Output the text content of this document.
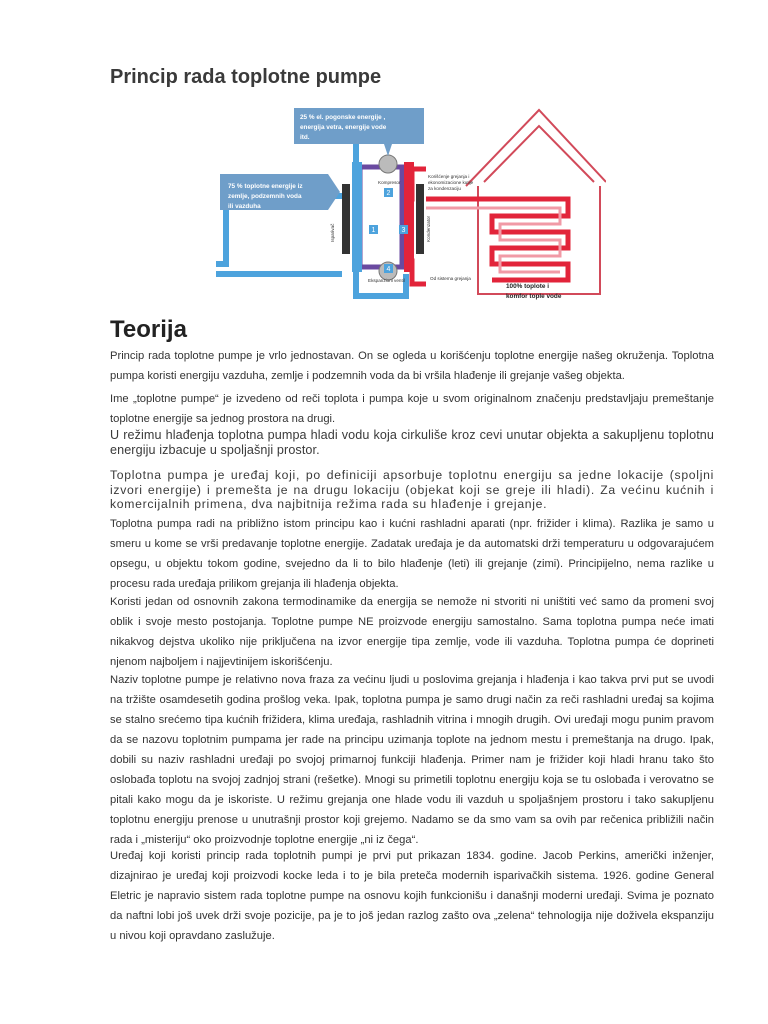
Princip rada toplotne pumpe
2
1	3
4
25 % el. pogonske energije ,
energija vetra, energije vode
itd.
75 % toplotne energije iz
zemlje, podzemnih voda
ili vazduha
Kompresor
Ekspanzioni ventil
Isparivač	Kondenzator
Korišćenje grejanja i
ekonomizacione kutije
za kondenzaciju
Od sistema grejanja
100% toplote i
komfor tople vode
Teorija

Princip rada toplotne pumpe je vrlo jednostavan. On se ogleda u korišćenju toplotne energije našeg okruženja. Toplotna pumpa koristi energiju vazduha, zemlje i podzemnih voda da bi vršila hlađenje ili grejanje vašeg objekta.

Ime „toplotne pumpe“ je izvedeno od reči toplota i pumpa koje u svom originalnom značenju predstavljaju premeštanje toplotne energije sa jednog prostora na drugi.

U režimu hlađenja toplotna pumpa hladi vodu koja cirkuliše kroz cevi unutar objekta a sakupljenu toplotnu energiju izbacuje u spoljašnji prostor.

Toplotna pumpa je uređaj koji, po definiciji apsorbuje toplotnu energiju sa jedne lokacije (spoljni izvori energije) i premešta je na drugu lokaciju (objekat koji se greje ili hladi). Za većinu kućnih i komercijalnih primena, dva najbitnija režima rada su hlađenje i grejanje.

Toplotna pumpa radi na približno istom principu kao i kućni rashladni aparati (npr. frižider i klima). Razlika je samo u smeru u kome se vrši predavanje toplotne energije. Zadatak uređaja je da automatski drži temperaturu u odgovarajućem opsegu, u objektu tokom godine, svejedno da li to bilo hlađenje (leti) ili grejanje (zimi). Principijelno, nema razlike u procesu rada uređaja prilikom grejanja ili hlađenja objekta.

Koristi jedan od osnovnih zakona termodinamike da energija se nemože ni stvoriti ni uništiti već samo da promeni svoj oblik i svoje mesto postojanja. Toplotne pumpe NE proizvode energiju samostalno. Sama toplotna pumpa neće imati nikakvog dejstva ukoliko nije priključena na izvor energije tipa zemlje, vode ili vazduha. Toplotna pumpa će doprineti njenom najboljem i najjevtinijem iskorišćenju.

Naziv toplotne pumpe je relativno nova fraza za većinu ljudi u poslovima grejanja i hlađenja i kao takva prvi put se uvodi na tržište osamdesetih godina prošlog veka. Ipak, toplotna pumpa je samo drugi način za reči rashladni uređaj sa kojima se stalno srećemo tipa kućnih frižidera, klima uređaja, rashladnih vitrina i mnogih drugih. Ovi uređaji mogu punim pravom da se nazovu toplotnim pumpama jer rade na principu uzimanja toplote na jednom mestu i premeštanja na drugo. Ipak, dobili su naziv rashladni uređaji po svojoj primarnoj funkciji hlađenja. Primer nam je frižider koji hladi hranu tako što oslobađa toplotu na svojoj zadnjoj strani (rešetke). Mnogi su primetili toplotnu energiju koja se tu oslobađa i verovatno se pitali kako mogu da je iskoriste. U režimu grejanja one hlade vodu ili vazduh u spoljašnjem prostoru i tako sakupljenu toplotnu energiju prenose u unutrašnji prostor koji grejemo. Nadamo se da smo vam sa ovih par rečenica približili način rada i „misteriju“ oko proizvodnje toplotne energije „ni iz čega“.

Uređaj koji koristi princip rada toplotnih pumpi je prvi put prikazan 1834. godine. Jacob Perkins, američki inženjer, dizajnirao je uređaj koji proizvodi kocke leda i to je bila preteča modernih isparivačkih sistema. 1926. godine General Eletric je napravio sistem rada toplotne pumpe na osnovu kojih funkcionišu i današnji moderni uređaji. Svima je poznato da naftni lobi još uvek drži svoje pozicije, pa je to još jedan razlog zašto ova „zelena“ tehnologija nije doživela ekspanziju u nivou koji opravdano zaslužuje.
